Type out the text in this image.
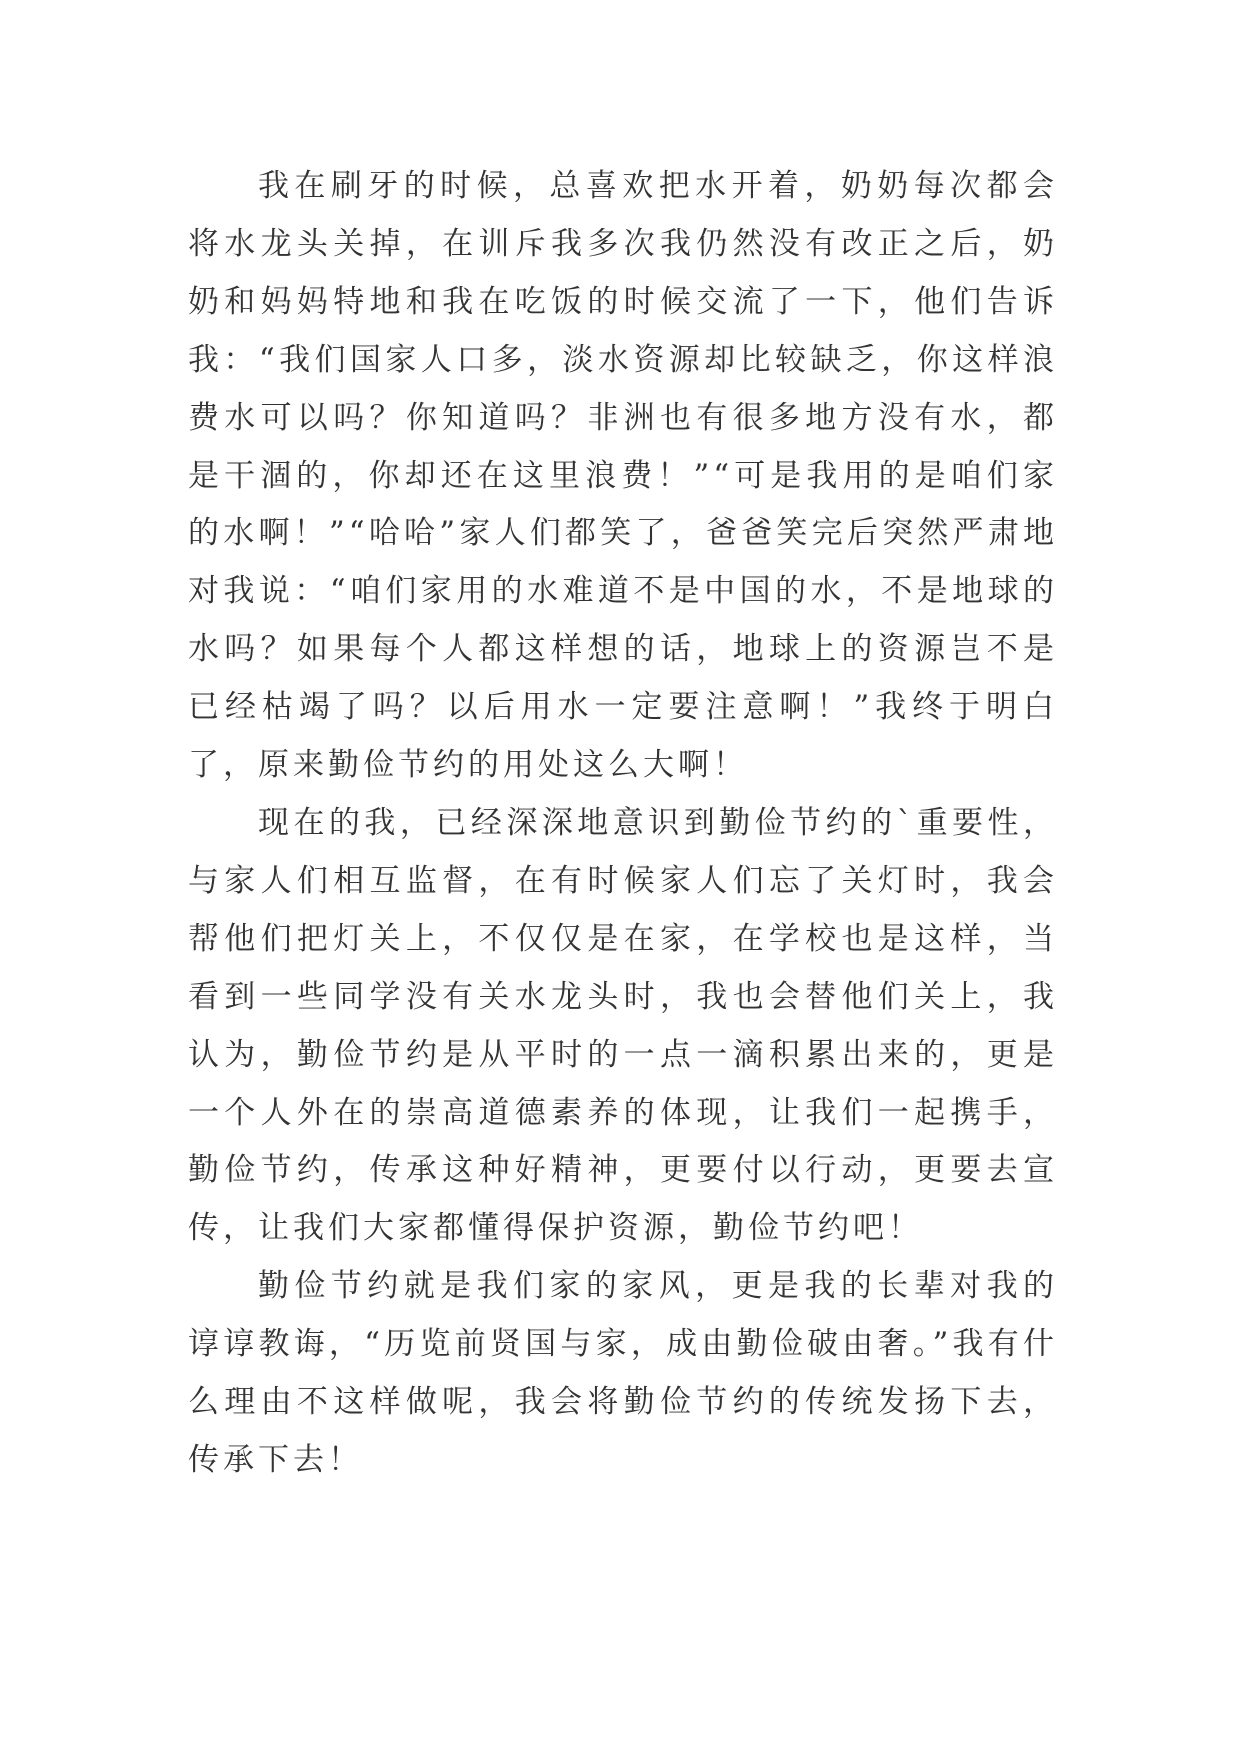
我在刷牙的时候，总喜欢把水开着，奶奶每次都会将水龙头关掉，在训斥我多次我仍然没有改正之后，奶奶和妈妈特地和我在吃饭的时候交流了一下，他们告诉我：“我们国家人口多，淡水资源却比较缺乏，你这样浪费水可以吗？你知道吗？非洲也有很多地方没有水，都是干涸的，你却还在这里浪费！”“可是我用的是咱们家的水啊！”“哈哈”家人们都笑了，爸爸笑完后突然严肃地对我说：“咱们家用的水难道不是中国的水，不是地球的水吗？如果每个人都这样想的话，地球上的资源岂不是已经枯竭了吗？以后用水一定要注意啊！”我终于明白了，原来勤俭节约的用处这么大啊！

现在的我，已经深深地意识到勤俭节约的`重要性，与家人们相互监督，在有时候家人们忘了关灯时，我会帮他们把灯关上，不仅仅是在家，在学校也是这样，当看到一些同学没有关水龙头时，我也会替他们关上，我认为，勤俭节约是从平时的一点一滴积累出来的，更是一个人外在的崇高道德素养的体现，让我们一起携手，勤俭节约，传承这种好精神，更要付以行动，更要去宣传，让我们大家都懂得保护资源，勤俭节约吧！

勤俭节约就是我们家的家风，更是我的长辈对我的谆谆教诲，“历览前贤国与家，成由勤俭破由奢。”我有什么理由不这样做呢，我会将勤俭节约的传统发扬下去，传承下去！
